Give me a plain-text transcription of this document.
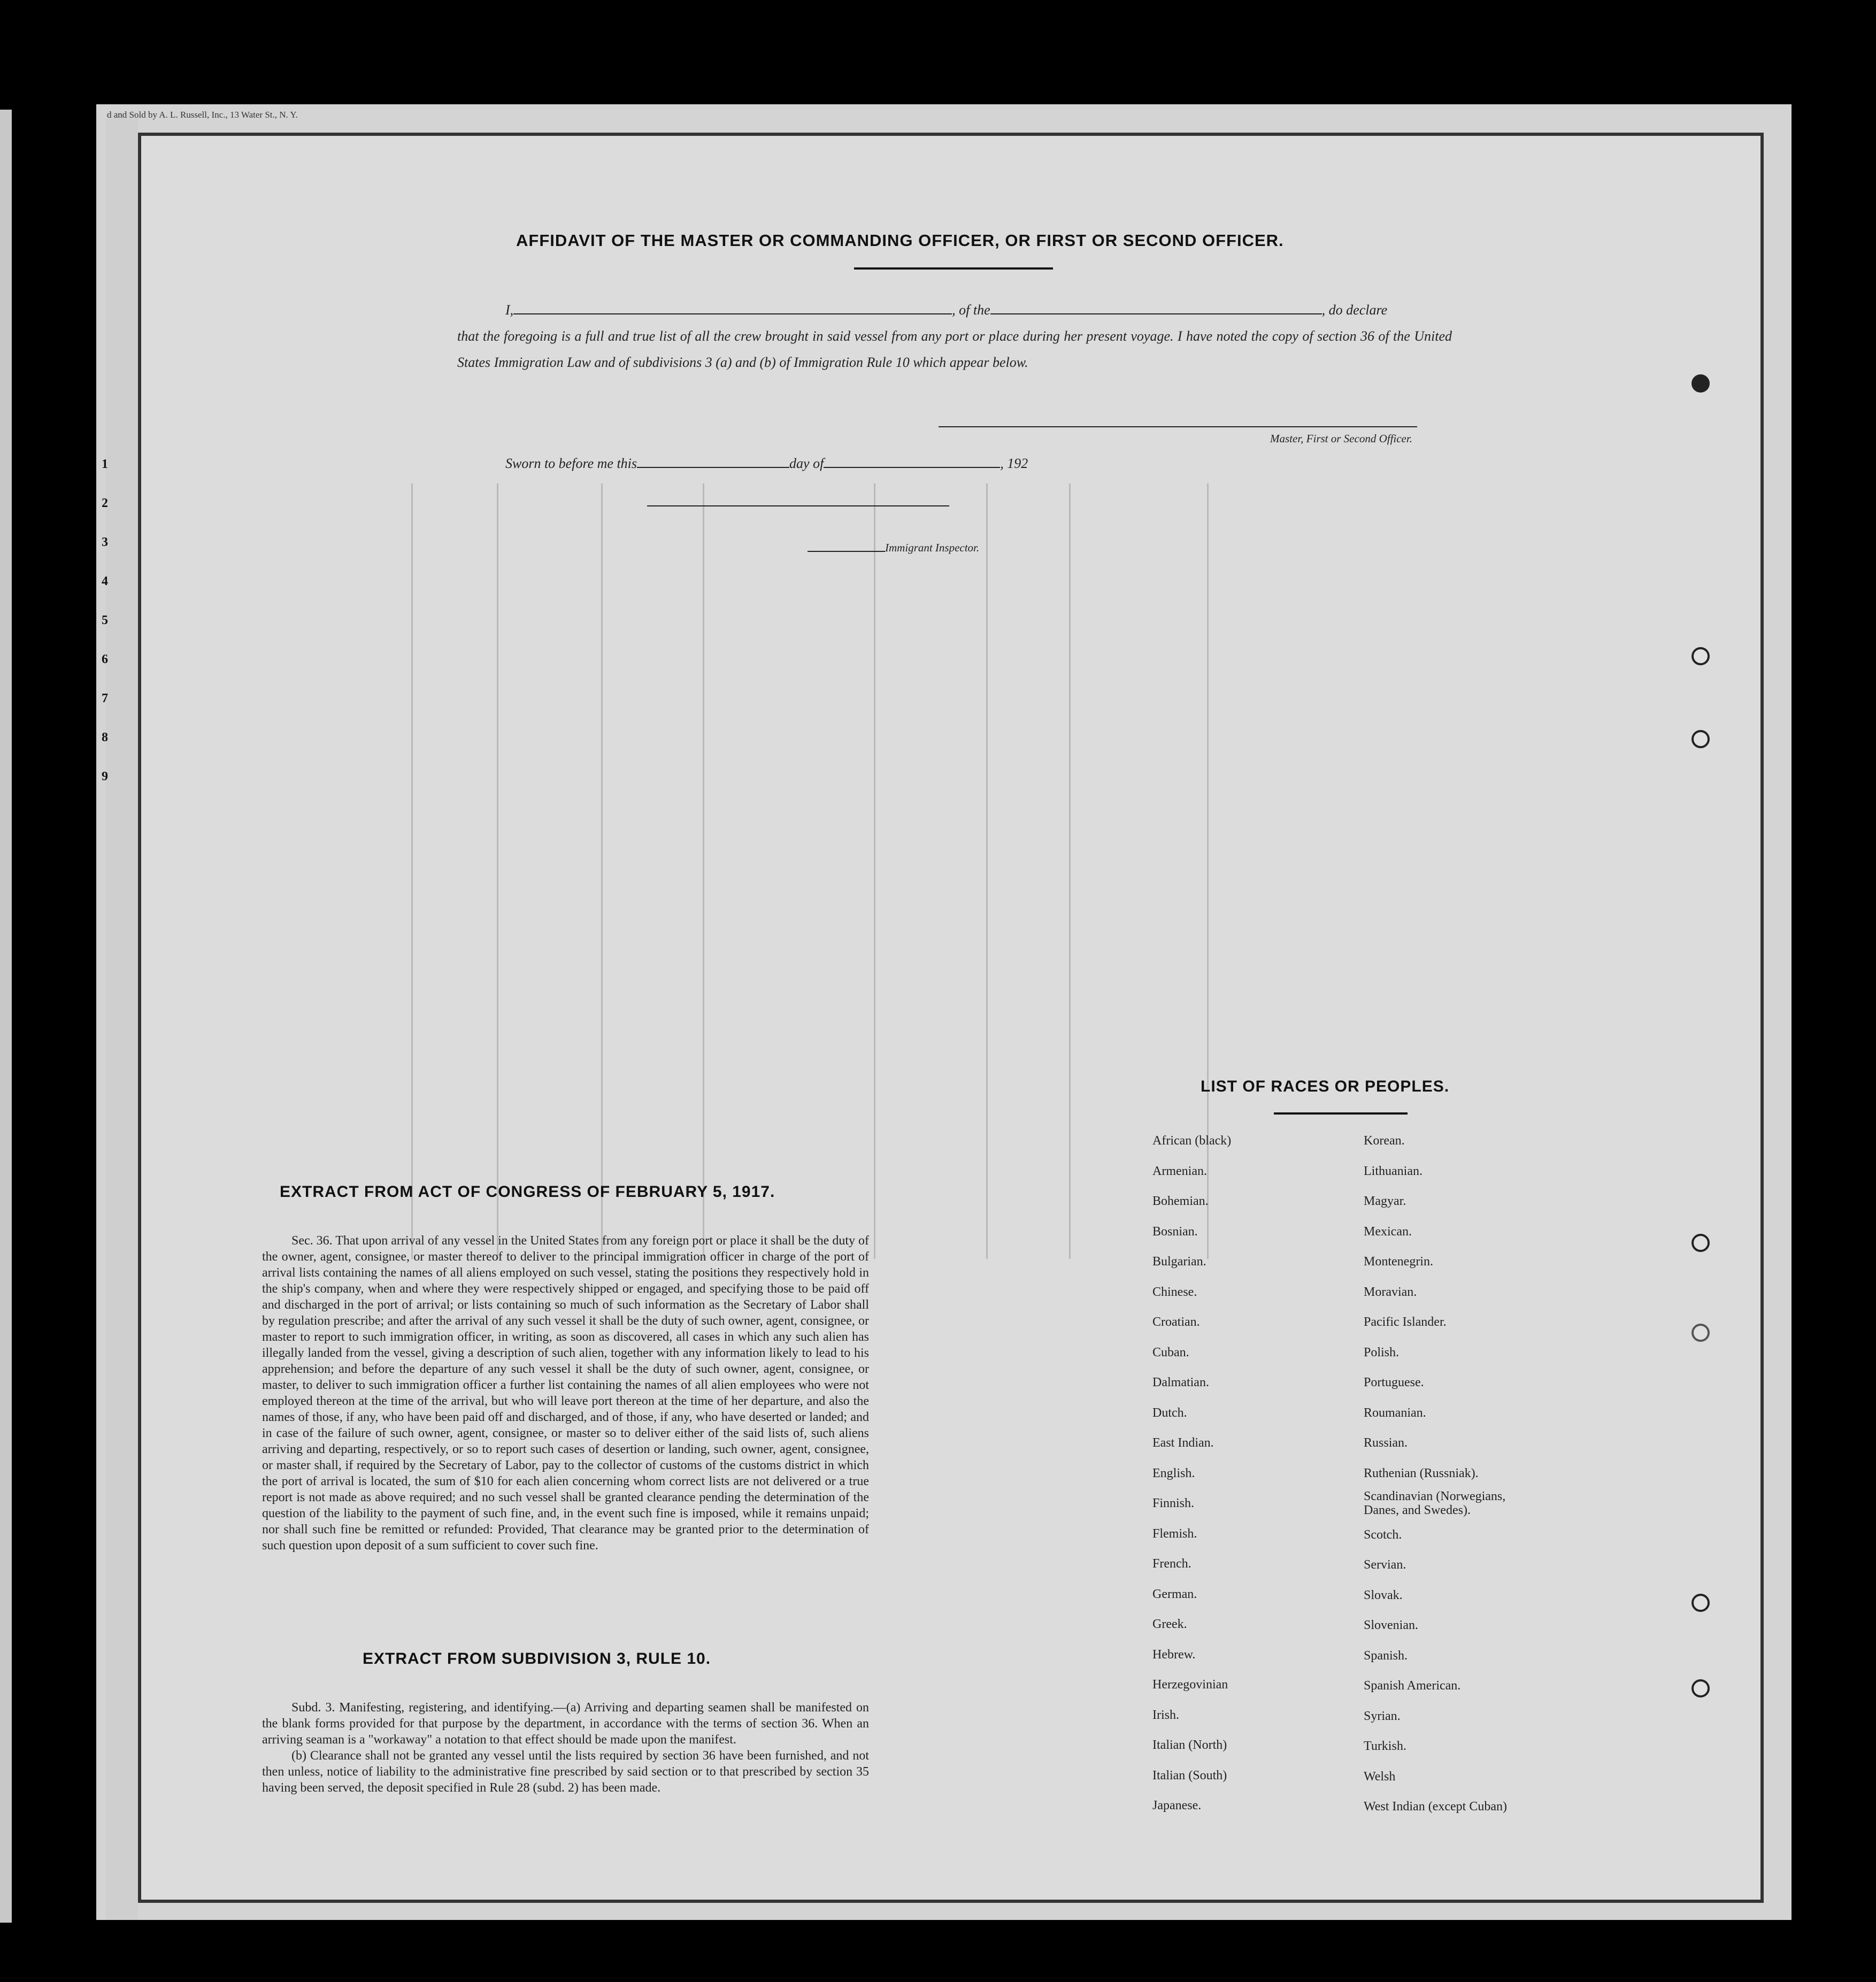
d and Sold by A. L. Russell, Inc., 13 Water St., N. Y.
1
2
3
4
5
6
7
8
9
AFFIDAVIT OF THE MASTER OR COMMANDING OFFICER, OR FIRST OR SECOND OFFICER.
I,	, of the	, do declare
that the foregoing is a full and true list of all the crew brought in said vessel from any port or place during her present voyage. I have noted the copy of section 36 of the United States Immigration Law and of subdivisions 3 (a) and (b) of Immigration Rule 10 which appear below.
Master, First or Second Officer.
Sworn to before me this	day of	, 192
Immigrant Inspector.
EXTRACT FROM ACT OF CONGRESS OF FEBRUARY 5, 1917.

Sec. 36. That upon arrival of any vessel in the United States from any foreign port or place it shall be the duty of the owner, agent, consignee, or master thereof to deliver to the principal immigration officer in charge of the port of arrival lists containing the names of all aliens employed on such vessel, stating the positions they respectively hold in the ship's company, when and where they were respectively shipped or engaged, and specifying those to be paid off and discharged in the port of arrival; or lists containing so much of such information as the Secretary of Labor shall by regulation prescribe; and after the arrival of any such vessel it shall be the duty of such owner, agent, consignee, or master to report to such immigration officer, in writing, as soon as discovered, all cases in which any such alien has illegally landed from the vessel, giving a description of such alien, together with any information likely to lead to his apprehension; and before the departure of any such vessel it shall be the duty of such owner, agent, consignee, or master, to deliver to such immigration officer a further list containing the names of all alien employees who were not employed thereon at the time of the arrival, but who will leave port thereon at the time of her departure, and also the names of those, if any, who have been paid off and discharged, and of those, if any, who have deserted or landed; and in case of the failure of such owner, agent, consignee, or master so to deliver either of the said lists of, such aliens arriving and departing, respectively, or so to report such cases of desertion or landing, such owner, agent, consignee, or master shall, if required by the Secretary of Labor, pay to the collector of customs of the customs district in which the port of arrival is located, the sum of $10 for each alien concerning whom correct lists are not delivered or a true report is not made as above required; and no such vessel shall be granted clearance pending the determination of the question of the liability to the payment of such fine, and, in the event such fine is imposed, while it remains unpaid; nor shall such fine be remitted or refunded: Provided, That clearance may be granted prior to the determination of such question upon deposit of a sum sufficient to cover such fine.

EXTRACT FROM SUBDIVISION 3, RULE 10.

Subd. 3. Manifesting, registering, and identifying.—(a) Arriving and departing seamen shall be manifested on the blank forms provided for that purpose by the department, in accordance with the terms of section 36. When an arriving seaman is a "workaway" a notation to that effect should be made upon the manifest.

(b) Clearance shall not be granted any vessel until the lists required by section 36 have been furnished, and not then unless, notice of liability to the administrative fine prescribed by said section or to that prescribed by section 35 having been served, the deposit specified in Rule 28 (subd. 2) has been made.

LIST OF RACES OR PEOPLES.
African (black)
Armenian.
Bohemian.
Bosnian.
Bulgarian.
Chinese.
Croatian.
Cuban.
Dalmatian.
Dutch.
East Indian.
English.
Finnish.
Flemish.
French.
German.
Greek.
Hebrew.
Herzegovinian
Irish.
Italian (North)
Italian (South)
Japanese.
Korean.
Lithuanian.
Magyar.
Mexican.
Montenegrin.
Moravian.
Pacific Islander.
Polish.
Portuguese.
Roumanian.
Russian.
Ruthenian (Russniak).
Scandinavian (Norwegians, Danes, and Swedes).
Scotch.
Servian.
Slovak.
Slovenian.
Spanish.
Spanish American.
Syrian.
Turkish.
Welsh
West Indian (except Cuban)
